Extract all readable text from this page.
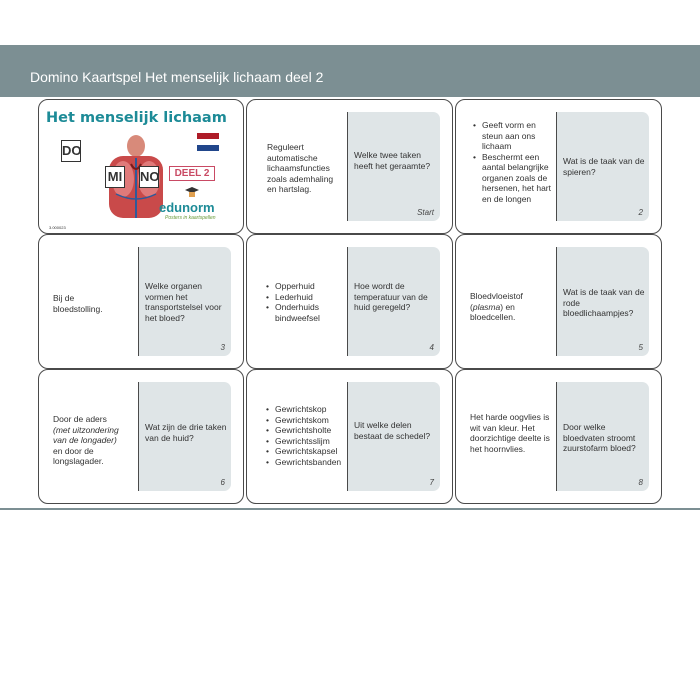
Domino Kaartspel Het menselijk lichaam deel 2
Het menselijk lichaam
DO
MI NO	DEEL 2
edunorm
Posters in kaartspellen
3.000023
Reguleert automatische lichaamsfuncties zoals ademhaling en hartslag.
Welke twee taken heeft het geraamte?
Start
• Geeft vorm en steun aan ons lichaam
• Beschermt een aantal belangrijke organen zoals de hersenen, het hart en de longen
Wat is de taak van de spieren?
2
Bij de bloedstolling.
Welke organen vormen het transportstelsel voor het bloed?
3
• Opperhuid
• Lederhuid
• Onderhuids bindweefsel
Hoe wordt de temperatuur van de huid geregeld?
4
Bloedvloeistof (plasma) en bloedcellen.
Wat is de taak van de rode bloedlichaampjes?
5
Door de aders
(met uitzondering van de longader)
en door de longslagader.
Wat zijn de drie taken van de huid?
6
• Gewrichtskop
• Gewrichtskom
• Gewrichtsholte
• Gewrichtsslijm
• Gewrichtskapsel
• Gewrichtsbanden
Uit welke delen bestaat de schedel?
7
Het harde oogvlies is wit van kleur. Het doorzichtige deelte is het hoornvlies.
Door welke bloedvaten stroomt zuurstofarm bloed?
8
